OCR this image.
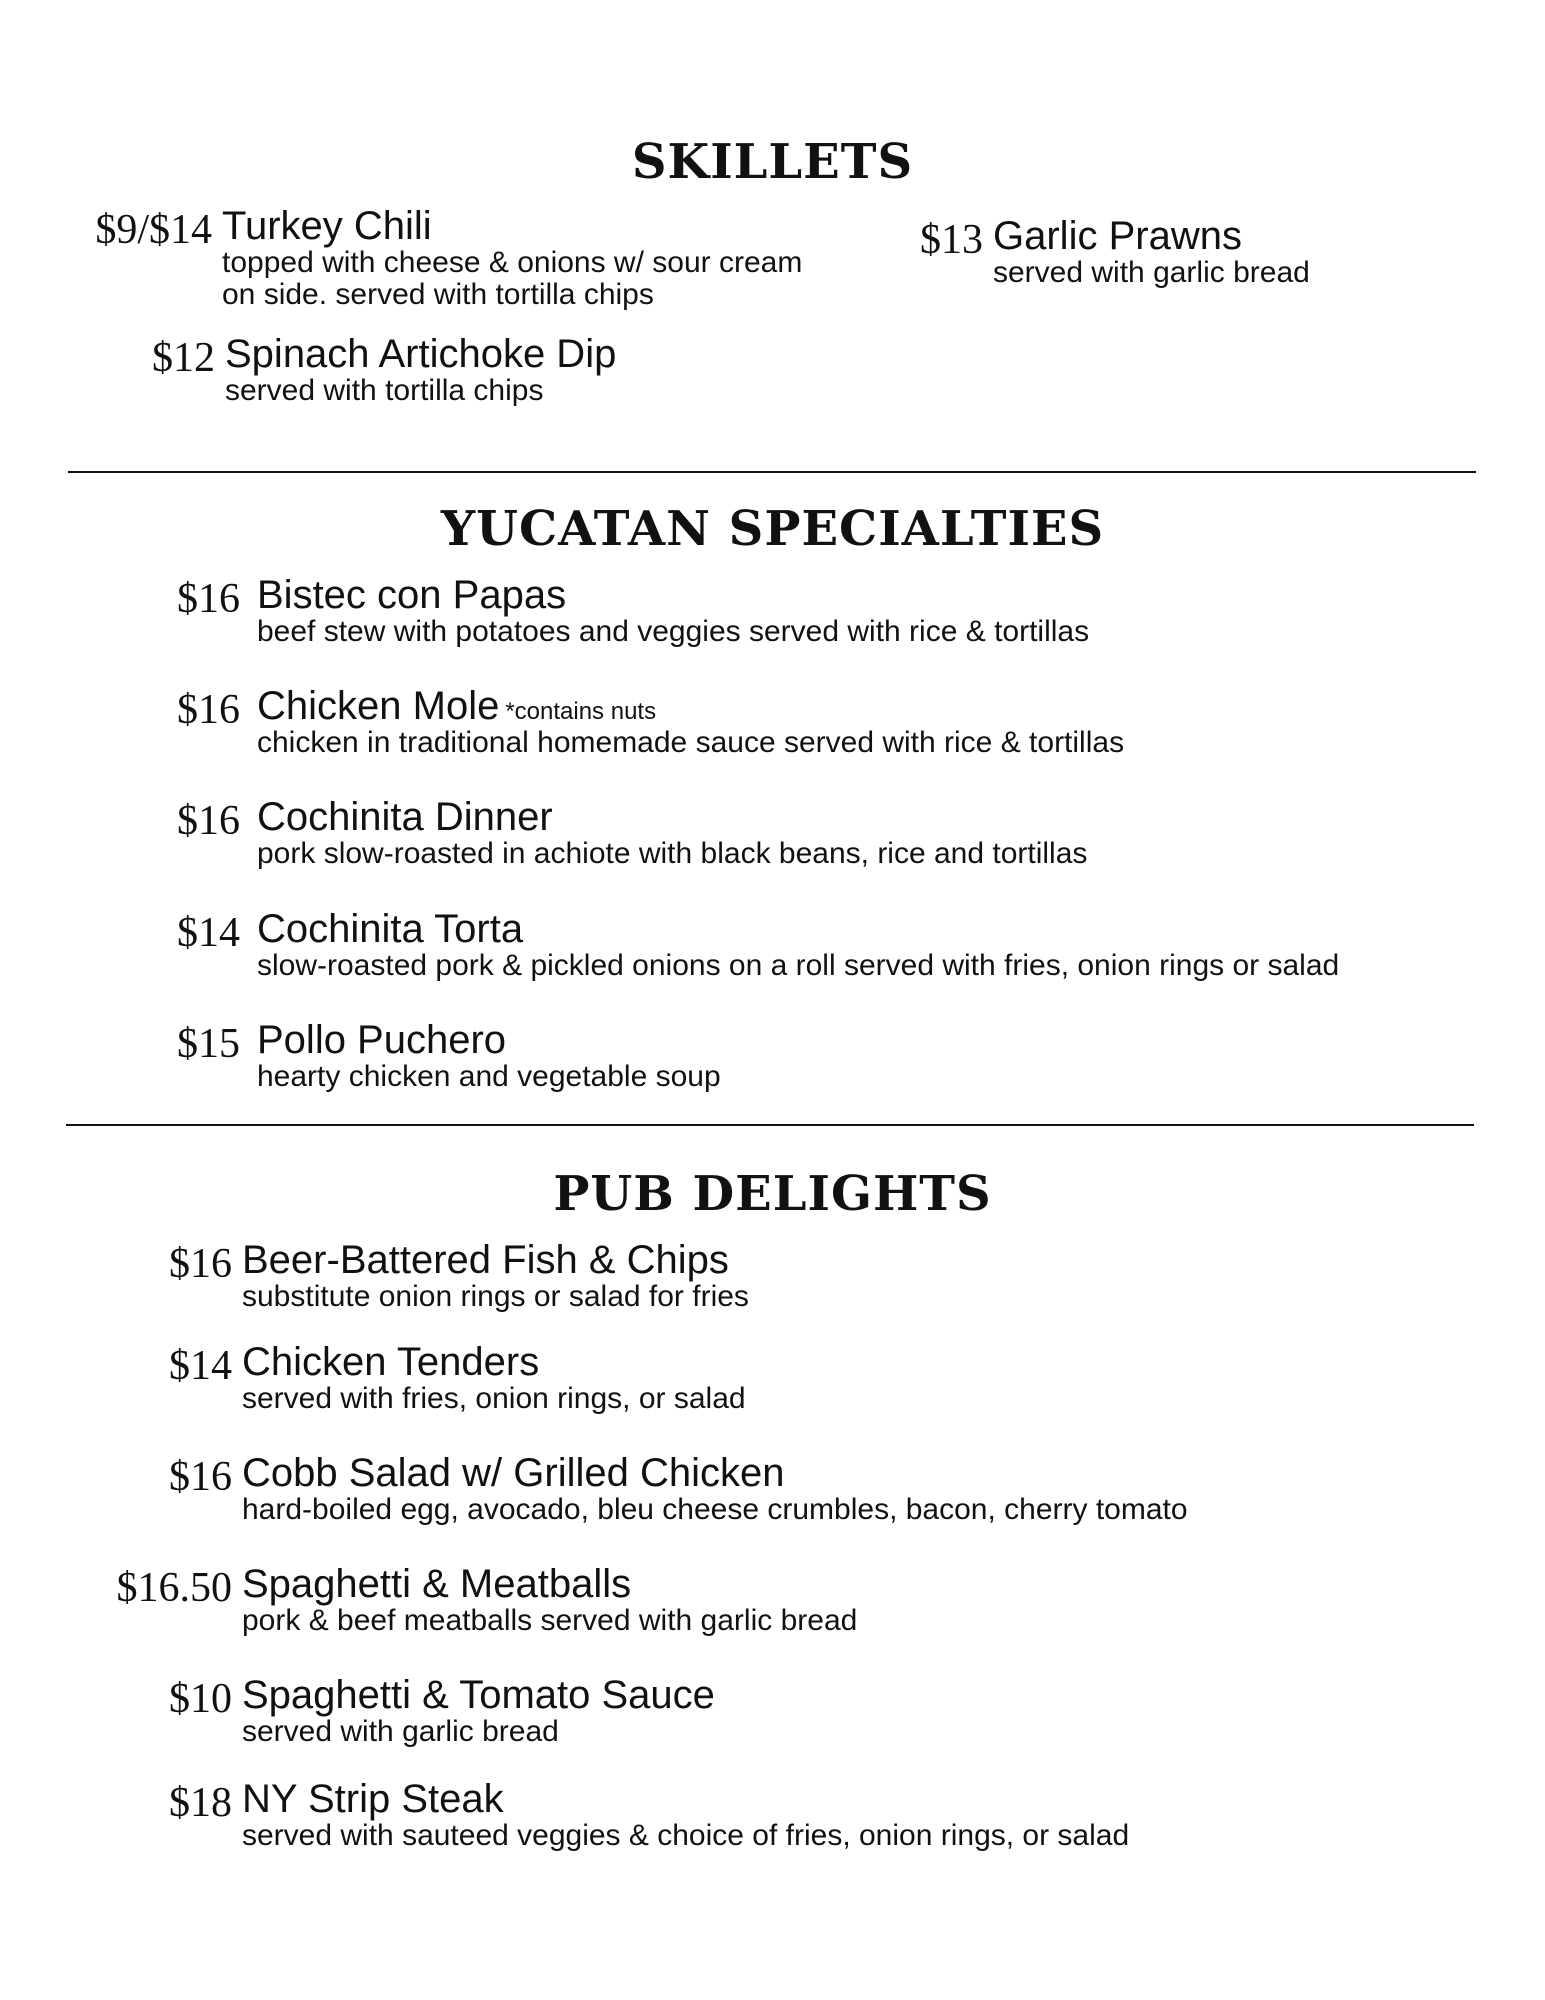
SKILLETS
$9/$14 Turkey Chili
topped with cheese & onions w/ sour cream on side. served with tortilla chips
$12 Spinach Artichoke Dip
served with tortilla chips
$13 Garlic Prawns
served with garlic bread
YUCATAN SPECIALTIES
$16 Bistec con Papas
beef stew with potatoes and veggies served with rice & tortillas
$16 Chicken Mole *contains nuts
chicken in traditional homemade sauce served with rice & tortillas
$16 Cochinita Dinner
pork slow-roasted in achiote with black beans, rice and tortillas
$14 Cochinita Torta
slow-roasted pork & pickled onions on a roll served with fries, onion rings or salad
$15 Pollo Puchero
hearty chicken and vegetable soup
PUB DELIGHTS
$16 Beer-Battered Fish & Chips
substitute onion rings or salad for fries
$14 Chicken Tenders
served with fries, onion rings, or salad
$16 Cobb Salad w/ Grilled Chicken
hard-boiled egg, avocado, bleu cheese crumbles, bacon, cherry tomato
$16.50 Spaghetti & Meatballs
pork & beef meatballs served with garlic bread
$10 Spaghetti & Tomato Sauce
served with garlic bread
$18 NY Strip Steak
served with sauteed veggies & choice of fries, onion rings, or salad
